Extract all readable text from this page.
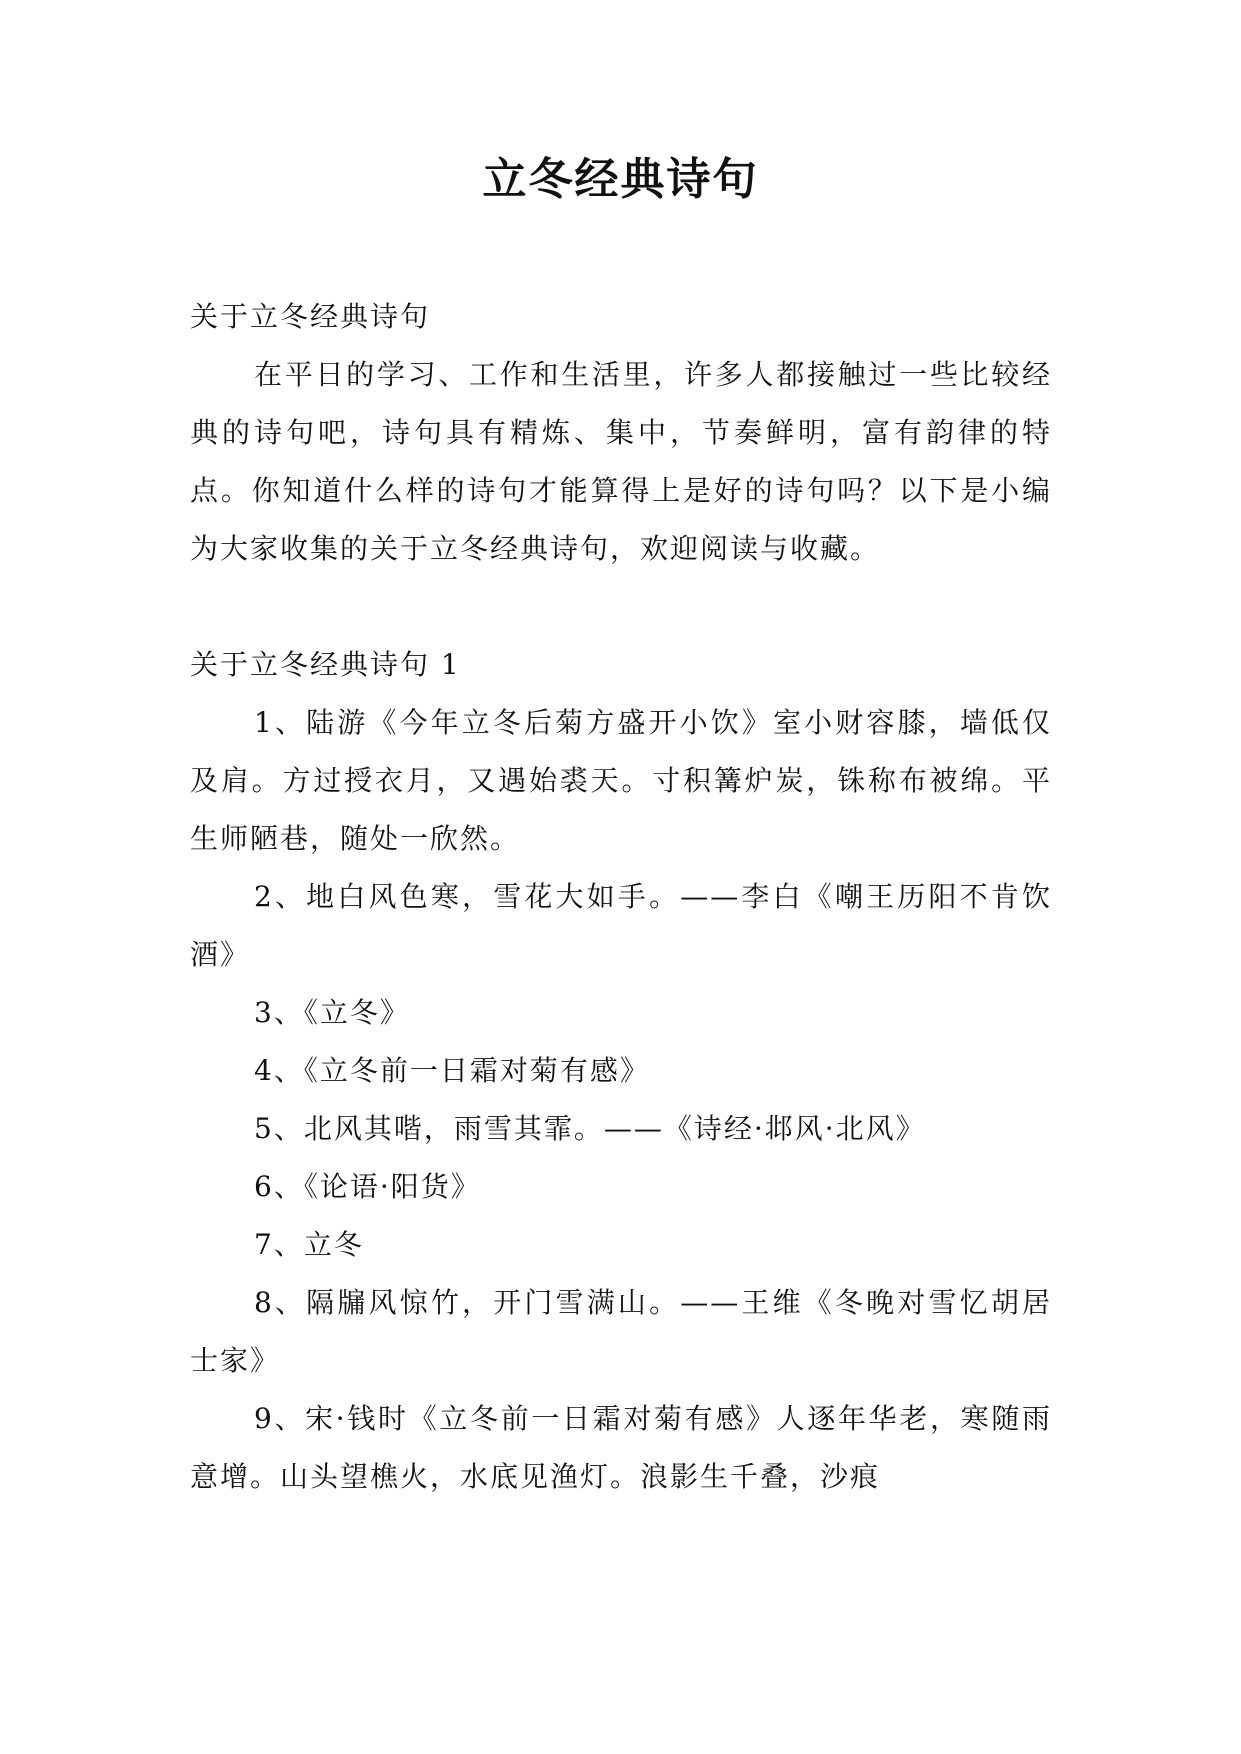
立冬经典诗句

关于立冬经典诗句

在平日的学习、工作和生活里，许多人都接触过一些比较经典的诗句吧，诗句具有精炼、集中，节奏鲜明，富有韵律的特点。你知道什么样的诗句才能算得上是好的诗句吗？以下是小编为大家收集的关于立冬经典诗句，欢迎阅读与收藏。

关于立冬经典诗句 1

1、陆游《今年立冬后菊方盛开小饮》室小财容膝，墙低仅及肩。方过授衣月，又遇始裘天。寸积篝炉炭，铢称布被绵。平生师陋巷，随处一欣然。

2、地白风色寒，雪花大如手。——李白《嘲王历阳不肯饮酒》

3、《立冬》

4、《立冬前一日霜对菊有感》

5、北风其喈，雨雪其霏。——《诗经·邶风·北风》

6、《论语·阳货》

7、立冬

8、隔牖风惊竹，开门雪满山。——王维《冬晚对雪忆胡居士家》

9、宋·钱时《立冬前一日霜对菊有感》人逐年华老，寒随雨意增。山头望樵火，水底见渔灯。浪影生千叠，沙痕
